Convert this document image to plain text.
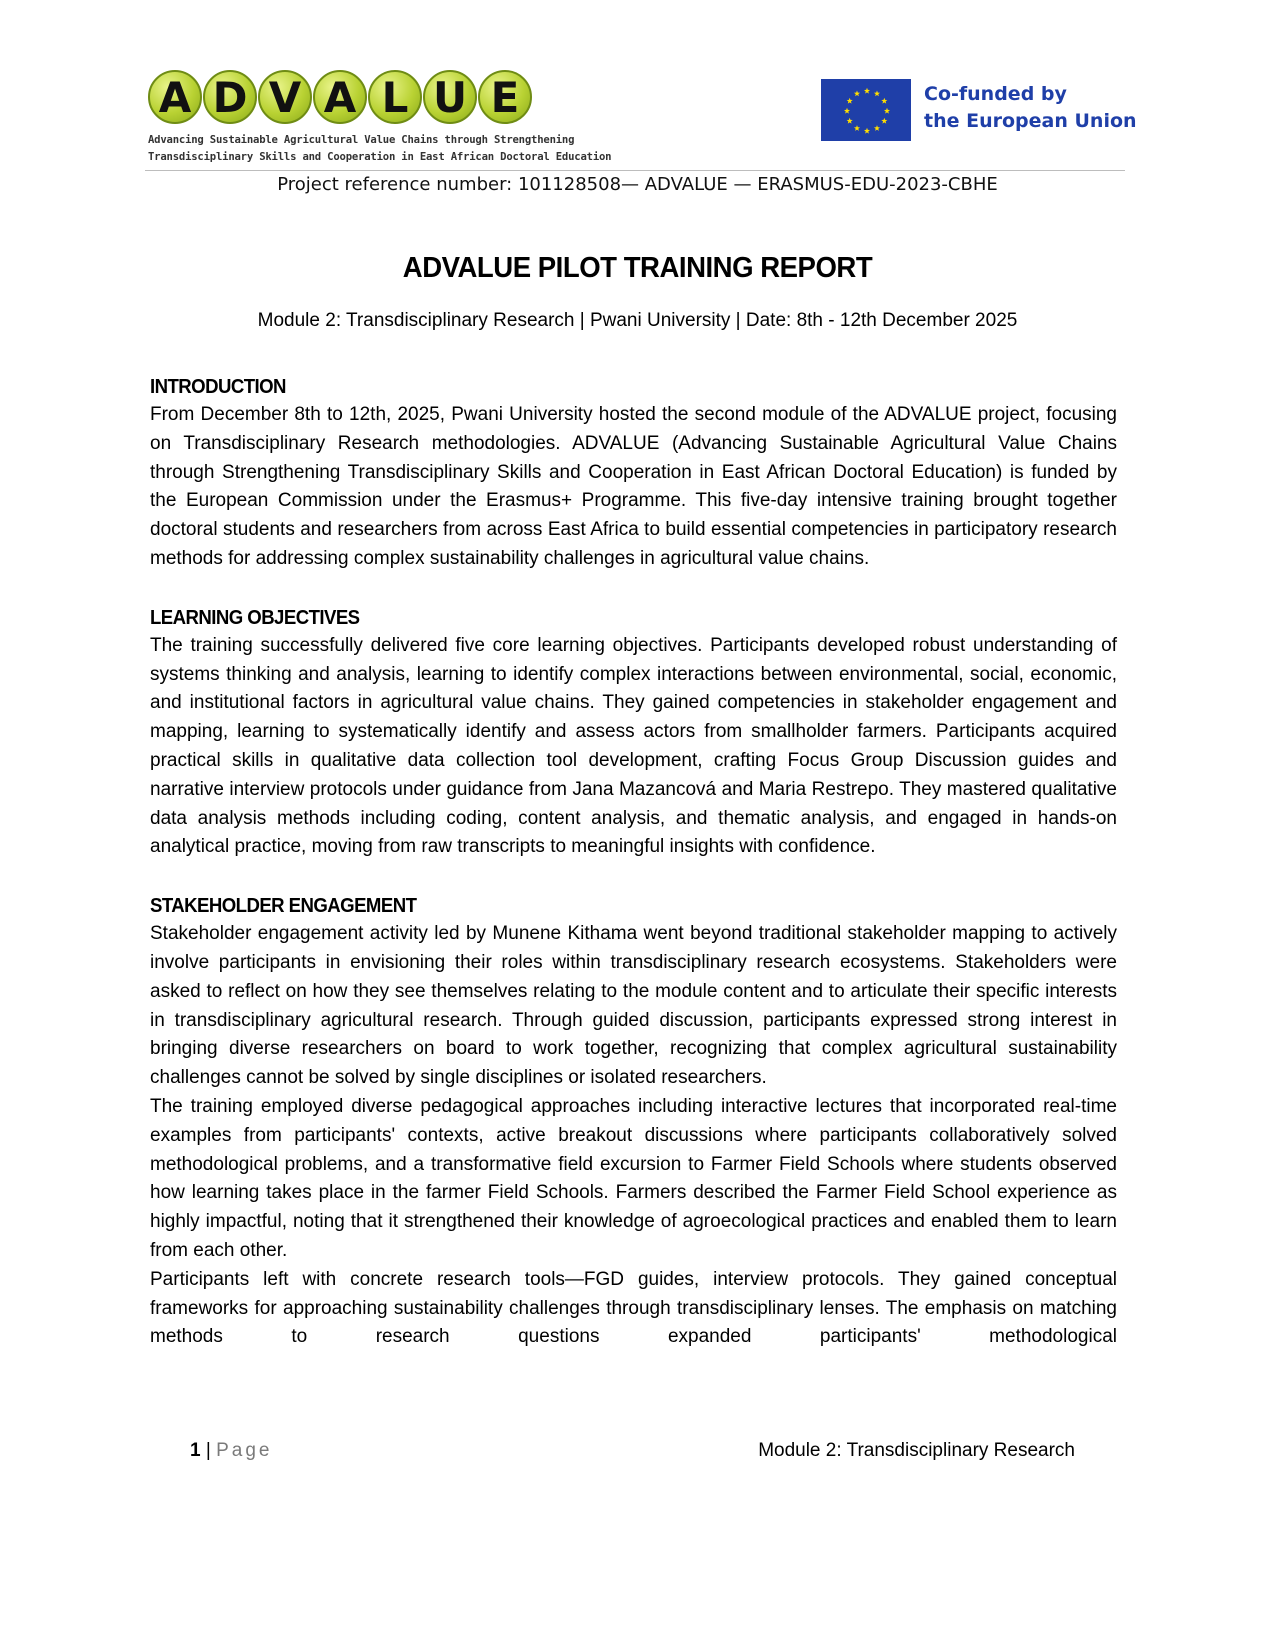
A D V A L U E
Advancing Sustainable Agricultural Value Chains through Strengthening
Transdisciplinary Skills and Cooperation in East African Doctoral Education
Co-funded by
the European Union
Project reference number: 101128508— ADVALUE — ERASMUS-EDU-2023-CBHE
ADVALUE PILOT TRAINING REPORT
Module 2: Transdisciplinary Research | Pwani University | Date: 8th - 12th December 2025
INTRODUCTION

From December 8th to 12th, 2025, Pwani University hosted the second module of the ADVALUE project, focusing on Transdisciplinary Research methodologies. ADVALUE (Advancing Sustainable Agricultural Value Chains through Strengthening Transdisciplinary Skills and Cooperation in East African Doctoral Education) is funded by the European Commission under the Erasmus+ Programme. This five-day intensive training brought together doctoral students and researchers from across East Africa to build essential competencies in participatory research methods for addressing complex sustainability challenges in agricultural value chains.

LEARNING OBJECTIVES

The training successfully delivered five core learning objectives. Participants developed robust understanding of systems thinking and analysis, learning to identify complex interactions between environmental, social, economic, and institutional factors in agricultural value chains. They gained competencies in stakeholder engagement and mapping, learning to systematically identify and assess actors from smallholder farmers. Participants acquired practical skills in qualitative data collection tool development, crafting Focus Group Discussion guides and narrative interview protocols under guidance from Jana Mazancová and Maria Restrepo. They mastered qualitative data analysis methods including coding, content analysis, and thematic analysis, and engaged in hands-on analytical practice, moving from raw transcripts to meaningful insights with confidence.

STAKEHOLDER ENGAGEMENT

Stakeholder engagement activity led by Munene Kithama went beyond traditional stakeholder mapping to actively involve participants in envisioning their roles within transdisciplinary research ecosystems. Stakeholders were asked to reflect on how they see themselves relating to the module content and to articulate their specific interests in transdisciplinary agricultural research. Through guided discussion, participants expressed strong interest in bringing diverse researchers on board to work together, recognizing that complex agricultural sustainability challenges cannot be solved by single disciplines or isolated researchers.

The training employed diverse pedagogical approaches including interactive lectures that incorporated real-time examples from participants' contexts, active breakout discussions where participants collaboratively solved methodological problems, and a transformative field excursion to Farmer Field Schools where students observed how learning takes place in the farmer Field Schools. Farmers described the Farmer Field School experience as highly impactful, noting that it strengthened their knowledge of agroecological practices and enabled them to learn from each other.

Participants left with concrete research tools—FGD guides, interview protocols. They gained conceptual frameworks for approaching sustainability challenges through transdisciplinary lenses. The emphasis on matching methods to research questions expanded participants' methodological

1 | Page	Module 2: Transdisciplinary Research
